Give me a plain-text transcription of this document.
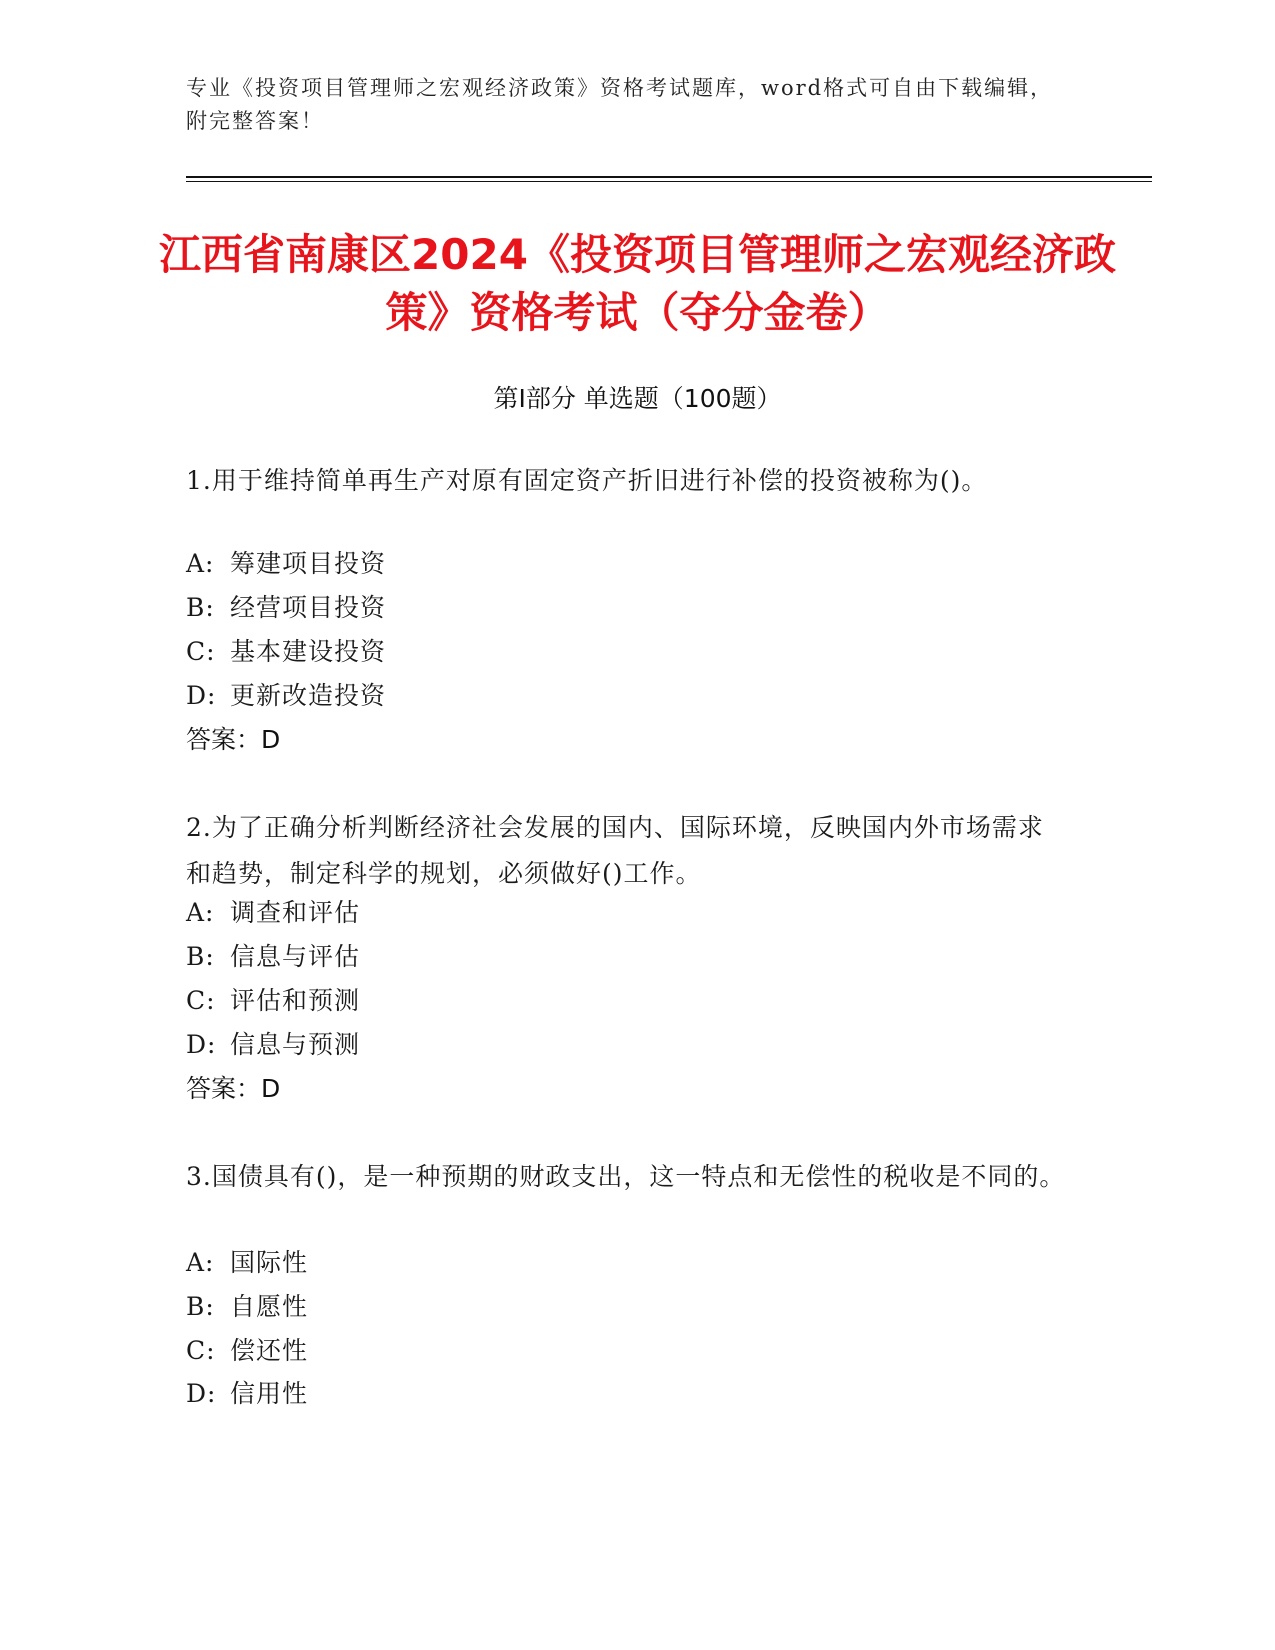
专业《投资项目管理师之宏观经济政策》资格考试题库，word格式可自由下载编辑，附完整答案！
江西省南康区2024《投资项目管理师之宏观经济政策》资格考试（夺分金卷）
第Ⅰ部分 单选题（100题）
1.用于维持简单再生产对原有固定资产折旧进行补偿的投资被称为()。
A: 筹建项目投资
B: 经营项目投资
C: 基本建设投资
D: 更新改造投资
答案：D
2.为了正确分析判断经济社会发展的国内、国际环境，反映国内外市场需求和趋势，制定科学的规划，必须做好()工作。
A: 调查和评估
B: 信息与评估
C: 评估和预测
D: 信息与预测
答案：D
3.国债具有()，是一种预期的财政支出，这一特点和无偿性的税收是不同的。
A: 国际性
B: 自愿性
C: 偿还性
D: 信用性
